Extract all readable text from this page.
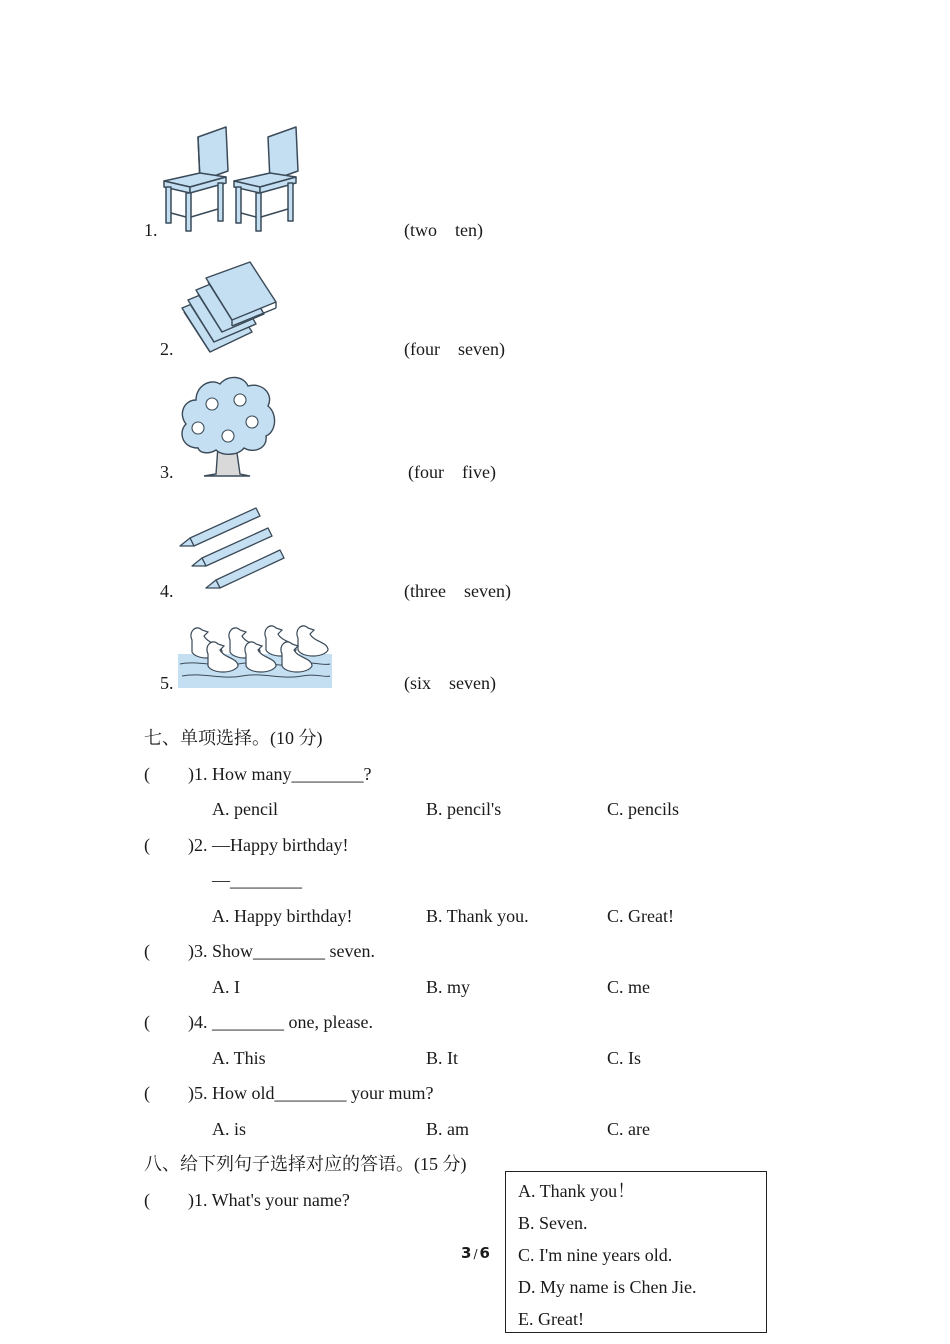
1.	(two　ten)
2.	(four　seven)
3.	(four　five)
4.	(three　seven)
5.	(six　seven)
七、单项选择。(10 分)
( )1. How many________?
A. pencil	B. pencil's	C. pencils
( )2. —Happy birthday!
—________
A. Happy birthday!	B. Thank you.	C. Great!
( )3. Show________ seven.
A. I	B. my	C. me
( )4. ________ one, please.
A. This	B. It	C. Is
( )5. How old________ your mum?
A. is	B. am	C. are
八、给下列句子选择对应的答语。(15 分)
( )1. What's your name?	A. Thank you！
B. Seven.
C. I'm nine years old.
D. My name is Chen Jie.
E. Great!
3 / 6
